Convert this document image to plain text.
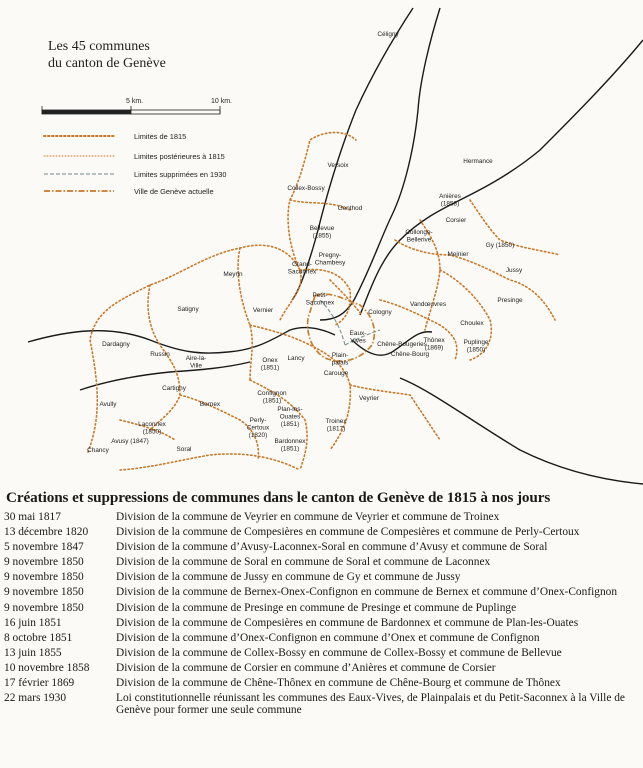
5 km.	10 km.
Limites de 1815
Limites postérieures à 1815
Limites supprimées en 1930
Ville de Genève actuelle
Céligny
Versoix
Collex-Bossy
Genthod
Bellevue (1855)
Pregny-Chambesy
Grand-Saconnex
Meyrin
Petit-Saconnex
Vernier
Satigny
Dardagny
Russin
Aire-la-Ville
Cartigny
Avully
Chancy
Bernex
Laconnex (1850)
Avusy (1847)
Soral
Onex (1851)
Lancy
Confignon (1851)
Perly-Certoux (1820)
Plan-les-Ouates (1851)
Bardonnex (1851)
Carouge
Troinex (1817)
Veyrier
Plain-palais
Eaux-Vives
Cologny
Vandœuvres
Chêne-Bougeries
Chêne-Bourg
Thônex (1869)
Hermance
Anières (1858)
Corsier
Collonge-Bellerive
Meinier
Gy (1850)
Jussy
Presinge
Choulex
Puplinge (1850)
Les 45 communes
du canton de Genève
Créations et suppressions de communes dans le canton de Genève de 1815 à nos jours
30 mai 1817	Division de la commune de Veyrier en commune de Veyrier et commune de Troinex
13 décembre 1820	Division de la commune de Compesières en commune de Compesières et commune de Perly-Certoux
5 novembre 1847	Division de la commune d’Avusy-Laconnex-Soral en commune d’Avusy et commune de Soral
9 novembre 1850	Division de la commune de Soral en commune de Soral et commune de Laconnex
9 novembre 1850	Division de la commune de Jussy en commune de Gy et commune de Jussy
9 novembre 1850	Division de la commune de Bernex-Onex-Confignon en commune de Bernex et commune d’Onex-Confignon
9 novembre 1850	Division de la commune de Presinge en commune de Presinge et commune de Puplinge
16 juin 1851	Division de la commune de Compesières en commune de Bardonnex et commune de Plan-les-Ouates
8 octobre 1851	Division de la commune d’Onex-Confignon en commune d’Onex et commune de Confignon
13 juin 1855	Division de la commune de Collex-Bossy en commune de Collex-Bossy et commune de Bellevue
10 novembre 1858	Division de la commune de Corsier en commune d’Anières et commune de Corsier
17 février 1869	Division de la commune de Chêne-Thônex en commune de Chêne-Bourg et commune de Thônex
22 mars 1930	Loi constitutionnelle réunissant les communes des Eaux-Vives, de Plainpalais et du Petit-Saconnex à la Ville de Genève pour former une seule commune
